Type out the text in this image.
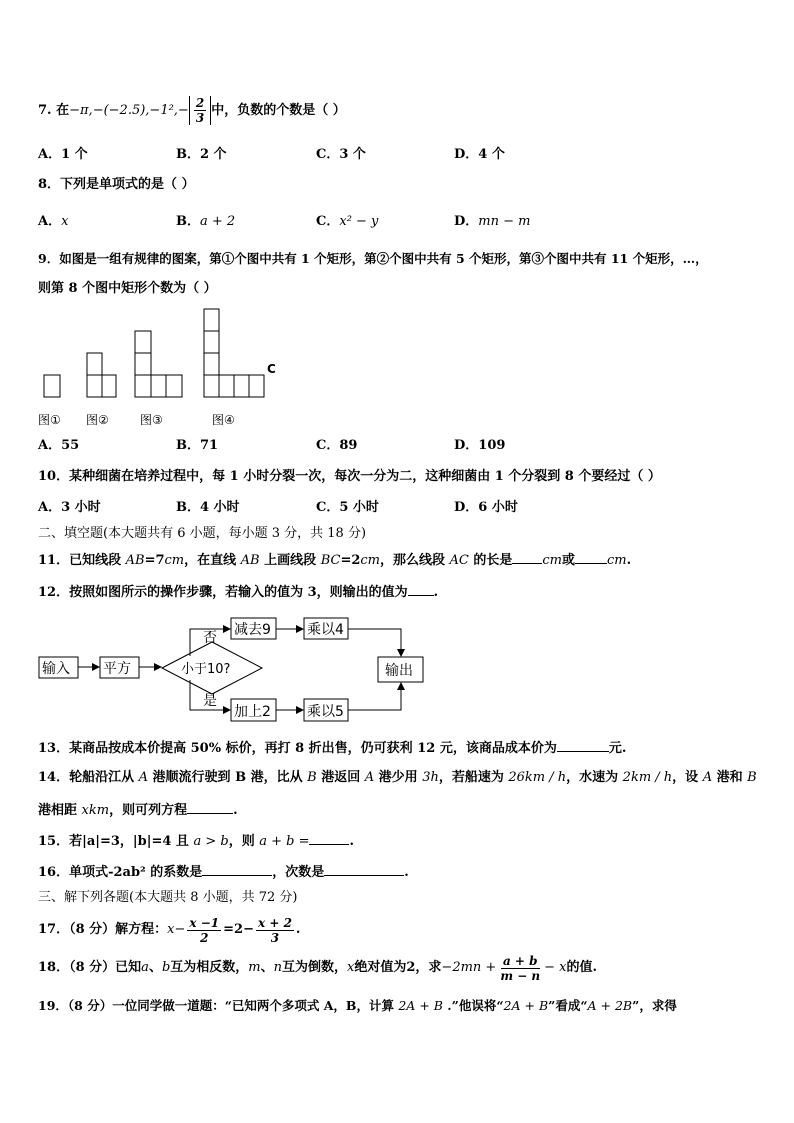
7. 在$-\pi,-(-2.5),-1^2,- \frac{2}{3}$ 中，负数的个数是（ ）
A．1 个	B．2 个	C．3 个	D．4 个
8．下列是单项式的是（ ）
A．x	B．a + 2	C．x² − y	D．mn − m
9．如图是一组有规律的图案，第①个图中共有 1 个矩形，第②个图中共有 5 个矩形，第③个图中共有 11 个矩形，…，
则第 8 个图中矩形个数为（ ）
C
图① 图②	图③	图④
A．55	B．71	C．89	D．109
10．某种细菌在培养过程中，每 1 小时分裂一次，每次一分为二，这种细菌由 1 个分裂到 8 个要经过（ ）
A．3 小时	B．4 小时	C．5 小时	D．6 小时
二、填空题(本大题共有 6 小题，每小题 3 分，共 18 分)
11．已知线段 AB=7cm，在直线 AB 上画线段 BC=2cm，那么线段 AC 的长是 cm或 cm.
12．按照如图所示的操作步骤，若输入的值为 3，则输出的值为 .
输入 平方	小于10?
否
是
减去9	乘以4
加上2	乘以5
输出
13．某商品按成本价提高 50% 标价，再打 8 折出售，仍可获利 12 元，该商品成本价为	元.
14．轮船沿江从 A 港顺流行驶到 B 港，比从 B 港返回 A 港少用 3h，若船速为 26km / h，水速为 2km / h，设 A 港和 B
港相距 xkm，则可列方程	.
15．若|a|=3，|b|=4 且 a > b，则 a + b =	.
16．单项式-2ab² 的系数是	，次数是	.
三、解下列各题(本大题共 8 小题，共 72 分)
17．（8 分）解方程： $x- \frac{x -1}{2} =2- \frac{x + 2}{3}$ .
18．（8 分）已知 a 、 b 互为相反数， m 、 n 互为倒数， x 绝对值为2，求 $-2mn + \frac{a + b}{m - n} - x$ 的值.
19．（8 分）一位同学做一道题：“已知两个多项式 A，B，计算 2A + B .”他误将“2A + B”看成“A + 2B”，求得
